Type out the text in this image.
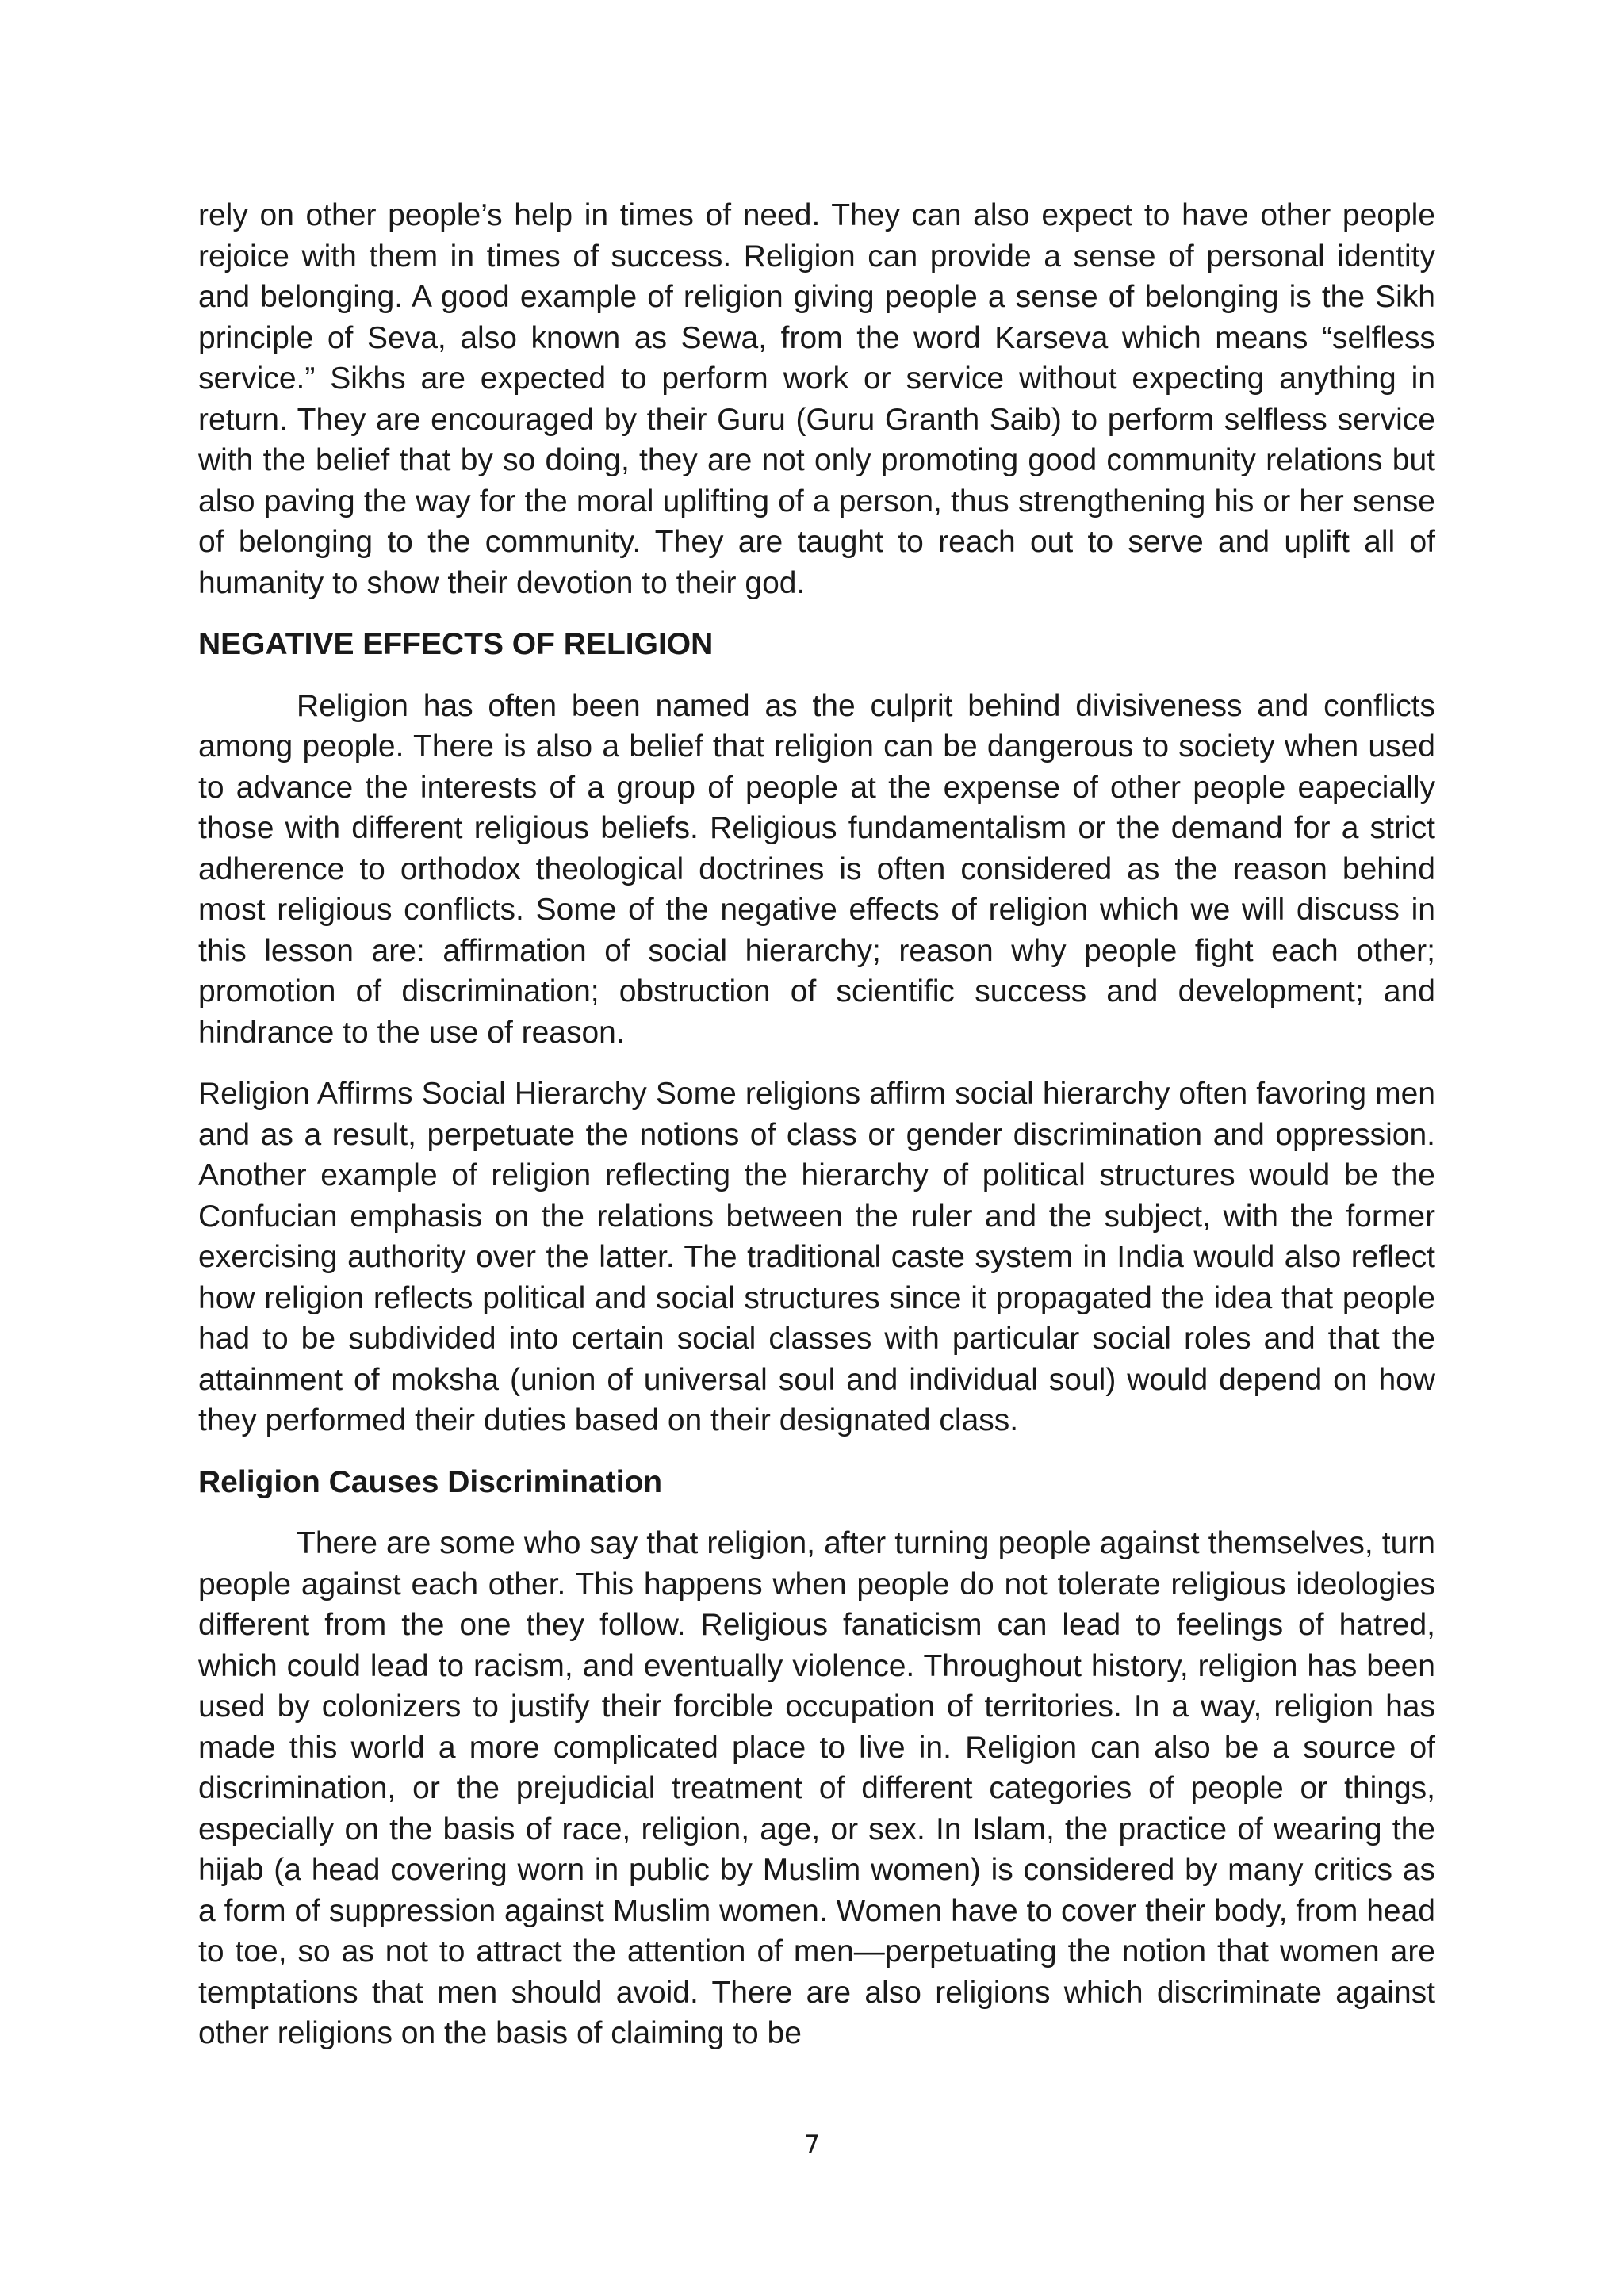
rely on other people’s help in times of need. They can also expect to have other people rejoice with them in times of success. Religion can provide a sense of personal identity and belonging. A good example of religion giving people a sense of belonging is the Sikh principle of Seva, also known as Sewa, from the word Karseva which means “selfless service.” Sikhs are expected to perform work or service without expecting anything in return. They are encouraged by their Guru (Guru Granth Saib) to perform selfless service with the belief that by so doing, they are not only promoting good community relations but also paving the way for the moral uplifting of a person, thus strengthening his or her sense of belonging to the community. They are taught to reach out to serve and uplift all of humanity to show their devotion to their god.

NEGATIVE EFFECTS OF RELIGION

Religion has often been named as the culprit behind divisiveness and conflicts among people. There is also a belief that religion can be dangerous to society when used to advance the interests of a group of people at the expense of other people eapecially those with different religious beliefs. Religious fundamentalism or the demand for a strict adherence to orthodox theological doctrines is often considered as the reason behind most religious conflicts. Some of the negative effects of religion which we will discuss in this lesson are: affirmation of social hierarchy; reason why people fight each other; promotion of discrimination; obstruction of scientific success and development; and hindrance to the use of reason.

Religion Affirms Social Hierarchy Some religions affirm social hierarchy often favoring men and as a result, perpetuate the notions of class or gender discrimination and oppression. Another example of religion reflecting the hierarchy of political structures would be the Confucian emphasis on the relations between the ruler and the subject, with the former exercising authority over the latter. The traditional caste system in India would also reflect how religion reflects political and social structures since it propagated the idea that people had to be subdivided into certain social classes with particular social roles and that the attainment of moksha (union of universal soul and individual soul) would depend on how they performed their duties based on their designated class.

Religion Causes Discrimination

There are some who say that religion, after turning people against themselves, turn people against each other. This happens when people do not tolerate religious ideologies different from the one they follow. Religious fanaticism can lead to feelings of hatred, which could lead to racism, and eventually violence. Throughout history, religion has been used by colonizers to justify their forcible occupation of territories. In a way, religion has made this world a more complicated place to live in. Religion can also be a source of discrimination, or the prejudicial treatment of different categories of people or things, especially on the basis of race, religion, age, or sex. In Islam, the practice of wearing the hijab (a head covering worn in public by Muslim women) is considered by many critics as a form of suppression against Muslim women. Women have to cover their body, from head to toe, so as not to attract the attention of men—perpetuating the notion that women are temptations that men should avoid. There are also religions which discriminate against other religions on the basis of claiming to be

7
